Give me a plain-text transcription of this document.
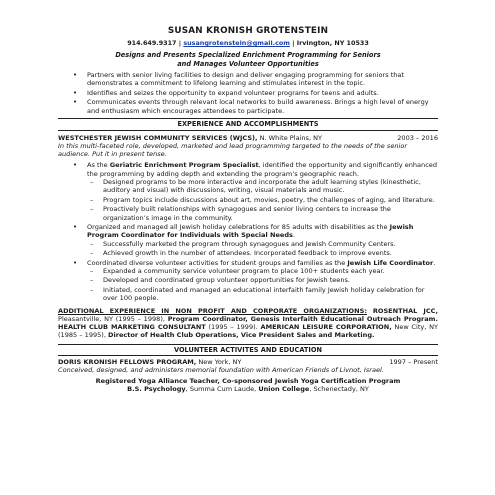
SUSAN KRONISH GROTENSTEIN
914.649.9317 | susangrotenstein@gmail.com | Irvington, NY 10533
Designs and Presents Specialized Enrichment Programming for Seniors
and Manages Volunteer Opportunities
• Partners with senior living facilities to design and deliver engaging programming for seniors that demonstrates a commitment to lifelong learning and stimulates interest in the topic.
• Identifies and seizes the opportunity to expand volunteer programs for teens and adults.
• Communicates events through relevant local networks to build awareness. Brings a high level of energy and enthusiasm which encourages attendees to participate.
EXPERIENCE AND ACCOMPLISHMENTS
WESTCHESTER JEWISH COMMUNITY SERVICES (WJCS), N. White Plains, NY	2003 – 2016
In this multi-faceted role, developed, marketed and lead programming targeted to the needs of the senior audience. Put it in present tense.
• As the Geriatric Enrichment Program Specialist, identified the opportunity and significantly enhanced the programming by adding depth and extending the program’s geographic reach.
– Designed programs to be more interactive and incorporate the adult learning styles (kinesthetic, auditory and visual) with discussions, writing, visual materials and music.
– Program topics include discussions about art, movies, poetry, the challenges of aging, and literature.
– Proactively built relationships with synagogues and senior living centers to increase the organization’s image in the community.
• Organized and managed all Jewish holiday celebrations for 85 adults with disabilities as the Jewish Program Coordinator for Individuals with Special Needs.
– Successfully marketed the program through synagogues and Jewish Community Centers.
– Achieved growth in the number of attendees. Incorporated feedback to improve events.
• Coordinated diverse volunteer activities for student groups and families as the Jewish Life Coordinator.
– Expanded a community service volunteer program to place 100+ students each year.
– Developed and coordinated group volunteer opportunities for Jewish teens.
– Initiated, coordinated and managed an educational interfaith family Jewish holiday celebration for over 100 people.
ADDITIONAL EXPERIENCE IN NON PROFIT AND CORPORATE ORGANIZATIONS: ROSENTHAL JCC, Pleasantville, NY (1995 – 1998), Program Coordinator, Genesis Interfaith Educational Outreach Program. HEALTH CLUB MARKETING CONSULTANT (1995 – 1999). AMERICAN LEISURE CORPORATION, New City, NY (1985 – 1995), Director of Health Club Operations, Vice President Sales and Marketing.
VOLUNTEER ACTIVITES AND EDUCATION
DORIS KRONISH FELLOWS PROGRAM, New York, NY	1997 – Present
Conceived, designed, and administers memorial foundation with American Friends of Livnot, Israel.
Registered Yoga Alliance Teacher, Co-sponsored Jewish Yoga Certification Program
B.S. Psychology, Summa Cum Laude, Union College, Schenectady, NY
